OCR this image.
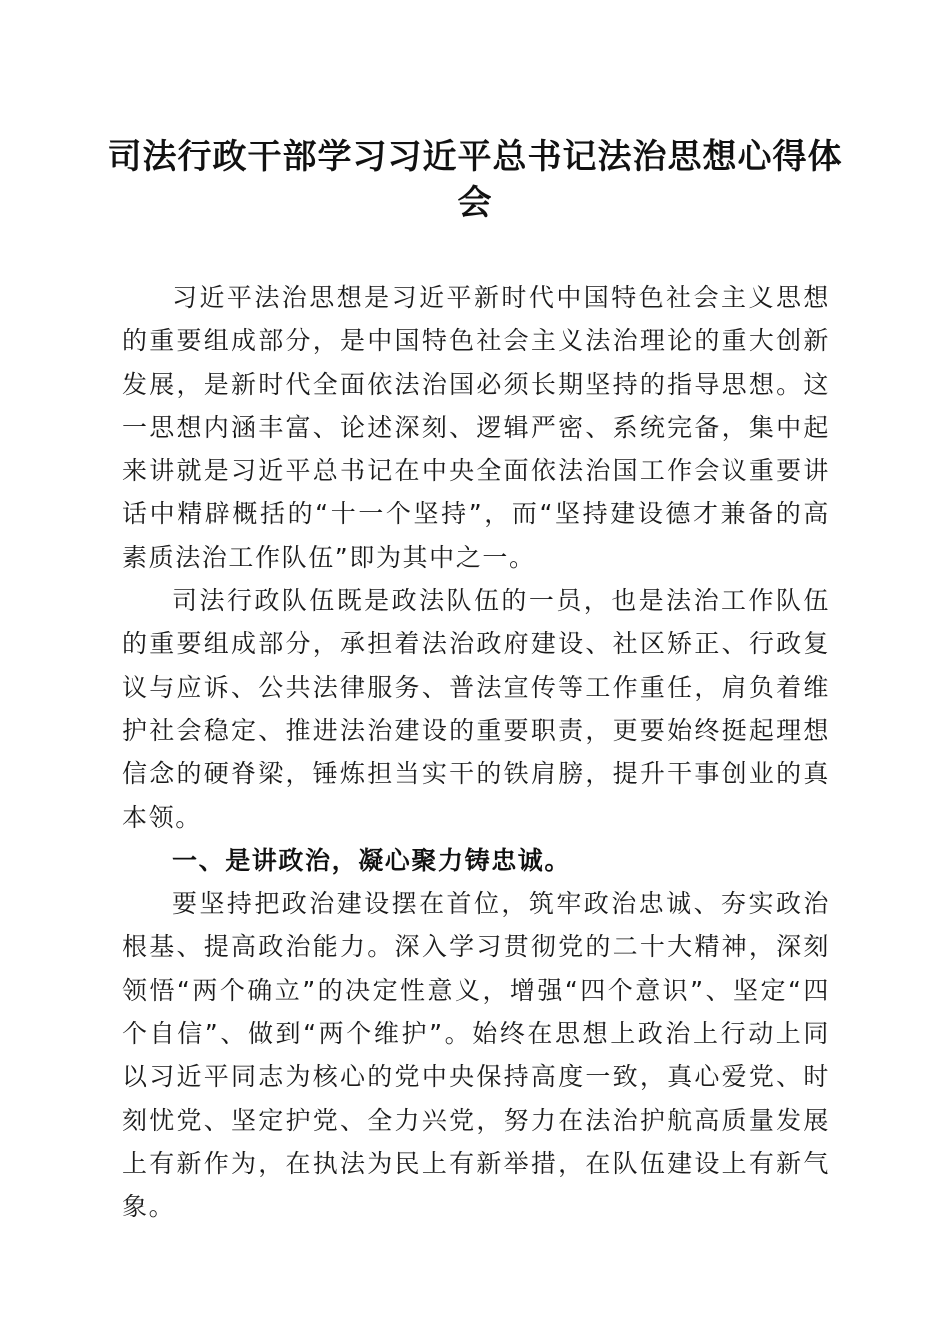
司法行政干部学习习近平总书记法治思想心得体会

习近平法治思想是习近平新时代中国特色社会主义思想的重要组成部分，是中国特色社会主义法治理论的重大创新发展，是新时代全面依法治国必须长期坚持的指导思想。这一思想内涵丰富、论述深刻、逻辑严密、系统完备，集中起来讲就是习近平总书记在中央全面依法治国工作会议重要讲话中精辟概括的“十一个坚持”，而“坚持建设德才兼备的高素质法治工作队伍”即为其中之一。

司法行政队伍既是政法队伍的一员，也是法治工作队伍的重要组成部分，承担着法治政府建设、社区矫正、行政复议与应诉、公共法律服务、普法宣传等工作重任，肩负着维护社会稳定、推进法治建设的重要职责，更要始终挺起理想信念的硬脊梁，锤炼担当实干的铁肩膀，提升干事创业的真本领。

一、是讲政治，凝心聚力铸忠诚。

要坚持把政治建设摆在首位，筑牢政治忠诚、夯实政治根基、提高政治能力。深入学习贯彻党的二十大精神，深刻领悟“两个确立”的决定性意义，增强“四个意识”、坚定“四个自信”、做到“两个维护”。始终在思想上政治上行动上同以习近平同志为核心的党中央保持高度一致，真心爱党、时刻忧党、坚定护党、全力兴党，努力在法治护航高质量发展上有新作为，在执法为民上有新举措，在队伍建设上有新气象。
